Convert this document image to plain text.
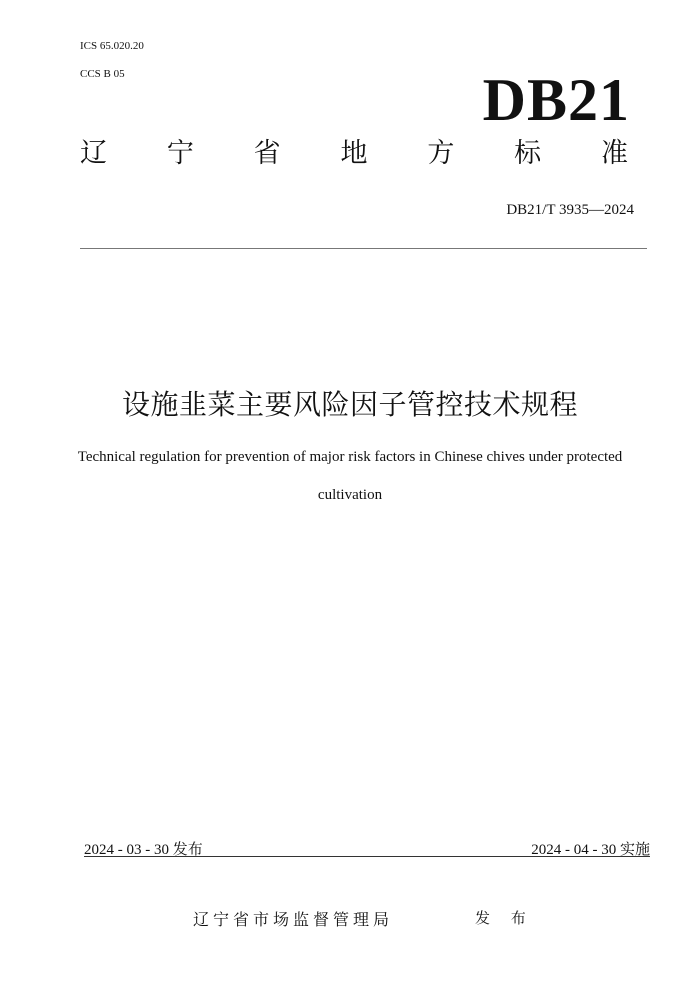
ICS 65.020.20
CCS B 05	DB21
辽 宁 省 地 方 标 准
DB21/T 3935—2024
设施韭菜主要风险因子管控技术规程
Technical regulation for prevention of major risk factors in Chinese chives under protected cultivation
2024 - 03 - 30 发布	2024 - 04 - 30 实施
辽宁省市场监督管理局	发 布
